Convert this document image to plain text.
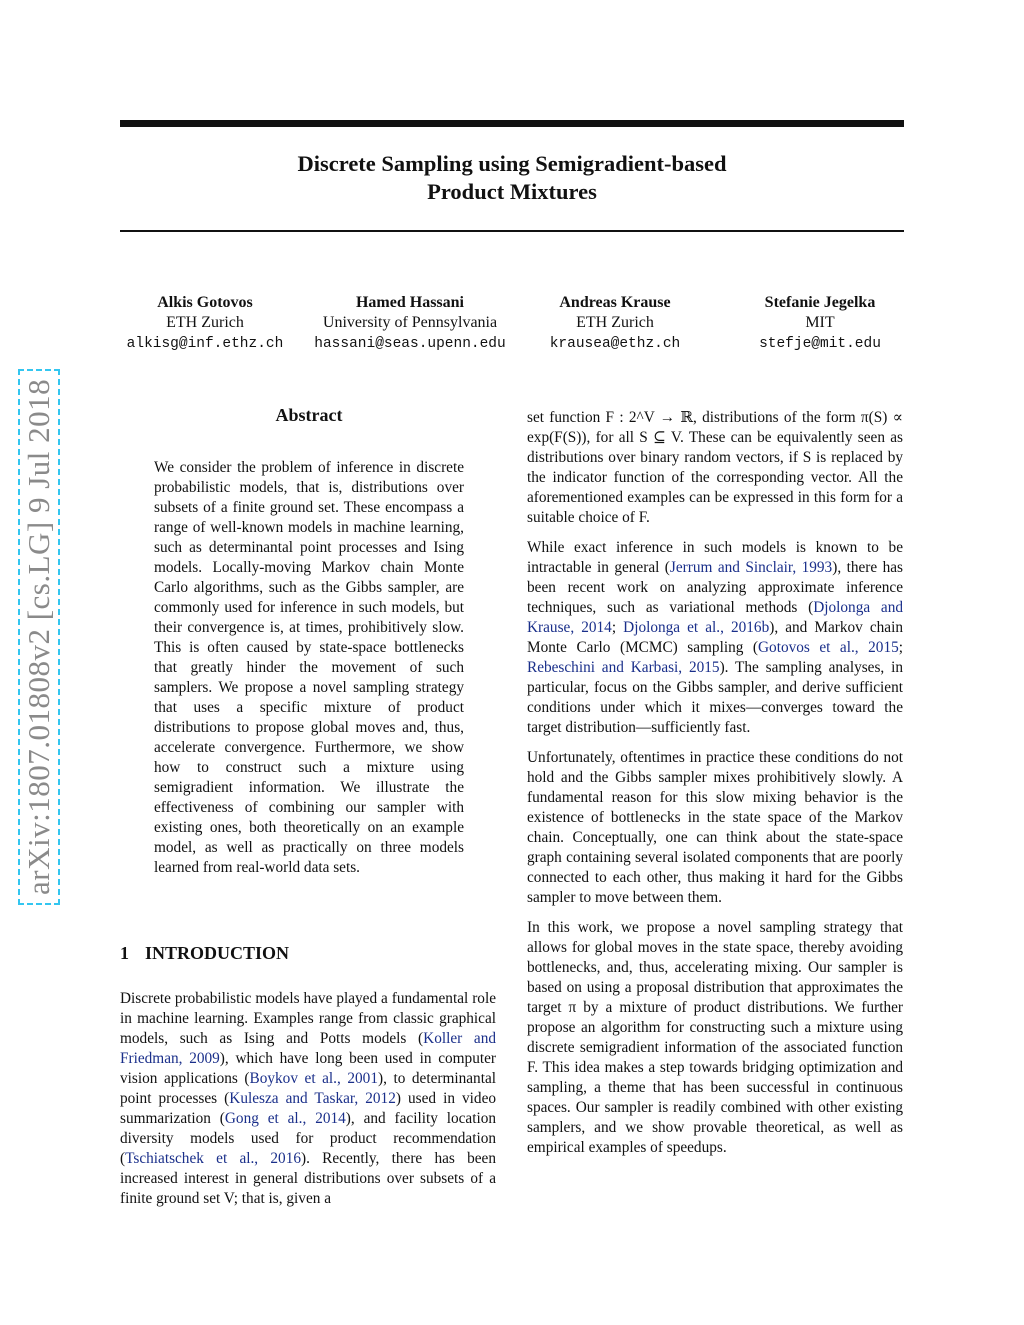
Discrete Sampling using Semigradient-based
Product Mixtures
Alkis Gotovos
ETH Zurich
alkisg@inf.ethz.ch
Hamed Hassani
University of Pennsylvania
hassani@seas.upenn.edu
Andreas Krause
ETH Zurich
krausea@ethz.ch
Stefanie Jegelka
MIT
stefje@mit.edu
arXiv:1807.01808v2 [cs.LG] 9 Jul 2018	Abstract
We consider the problem of inference in discrete probabilistic models, that is, distributions over subsets of a finite ground set. These encompass a range of well-known models in machine learning, such as determinantal point processes and Ising models. Locally-moving Markov chain Monte Carlo algorithms, such as the Gibbs sampler, are commonly used for inference in such models, but their convergence is, at times, prohibitively slow. This is often caused by state-space bottlenecks that greatly hinder the movement of such samplers. We propose a novel sampling strategy that uses a specific mixture of product distributions to propose global moves and, thus, accelerate convergence. Furthermore, we show how to construct such a mixture using semigradient information. We illustrate the effectiveness of combining our sampler with existing ones, both theoretically on an example model, as well as practically on three models learned from real-world data sets.
1 INTRODUCTION

Discrete probabilistic models have played a fundamental role in machine learning. Examples range from classic graphical models, such as Ising and Potts models (Koller and Friedman, 2009), which have long been used in computer vision applications (Boykov et al., 2001), to determinantal point processes (Kulesza and Taskar, 2012) used in video summarization (Gong et al., 2014), and facility location diversity models used for product recommendation (Tschiatschek et al., 2016). Recently, there has been increased interest in general distributions over subsets of a finite ground set V; that is, given a

set function F : 2^V → ℝ, distributions of the form π(S) ∝ exp(F(S)), for all S ⊆ V. These can be equivalently seen as distributions over binary random vectors, if S is replaced by the indicator function of the corresponding vector. All the aforementioned examples can be expressed in this form for a suitable choice of F.

While exact inference in such models is known to be intractable in general (Jerrum and Sinclair, 1993), there has been recent work on analyzing approximate inference techniques, such as variational methods (Djolonga and Krause, 2014; Djolonga et al., 2016b), and Markov chain Monte Carlo (MCMC) sampling (Gotovos et al., 2015; Rebeschini and Karbasi, 2015). The sampling analyses, in particular, focus on the Gibbs sampler, and derive sufficient conditions under which it mixes—converges toward the target distribution—sufficiently fast.

Unfortunately, oftentimes in practice these conditions do not hold and the Gibbs sampler mixes prohibitively slowly. A fundamental reason for this slow mixing behavior is the existence of bottlenecks in the state space of the Markov chain. Conceptually, one can think about the state-space graph containing several isolated components that are poorly connected to each other, thus making it hard for the Gibbs sampler to move between them.

In this work, we propose a novel sampling strategy that allows for global moves in the state space, thereby avoiding bottlenecks, and, thus, accelerating mixing. Our sampler is based on using a proposal distribution that approximates the target π by a mixture of product distributions. We further propose an algorithm for constructing such a mixture using discrete semigradient information of the associated function F. This idea makes a step towards bridging optimization and sampling, a theme that has been successful in continuous spaces. Our sampler is readily combined with other existing samplers, and we show provable theoretical, as well as empirical examples of speedups.
